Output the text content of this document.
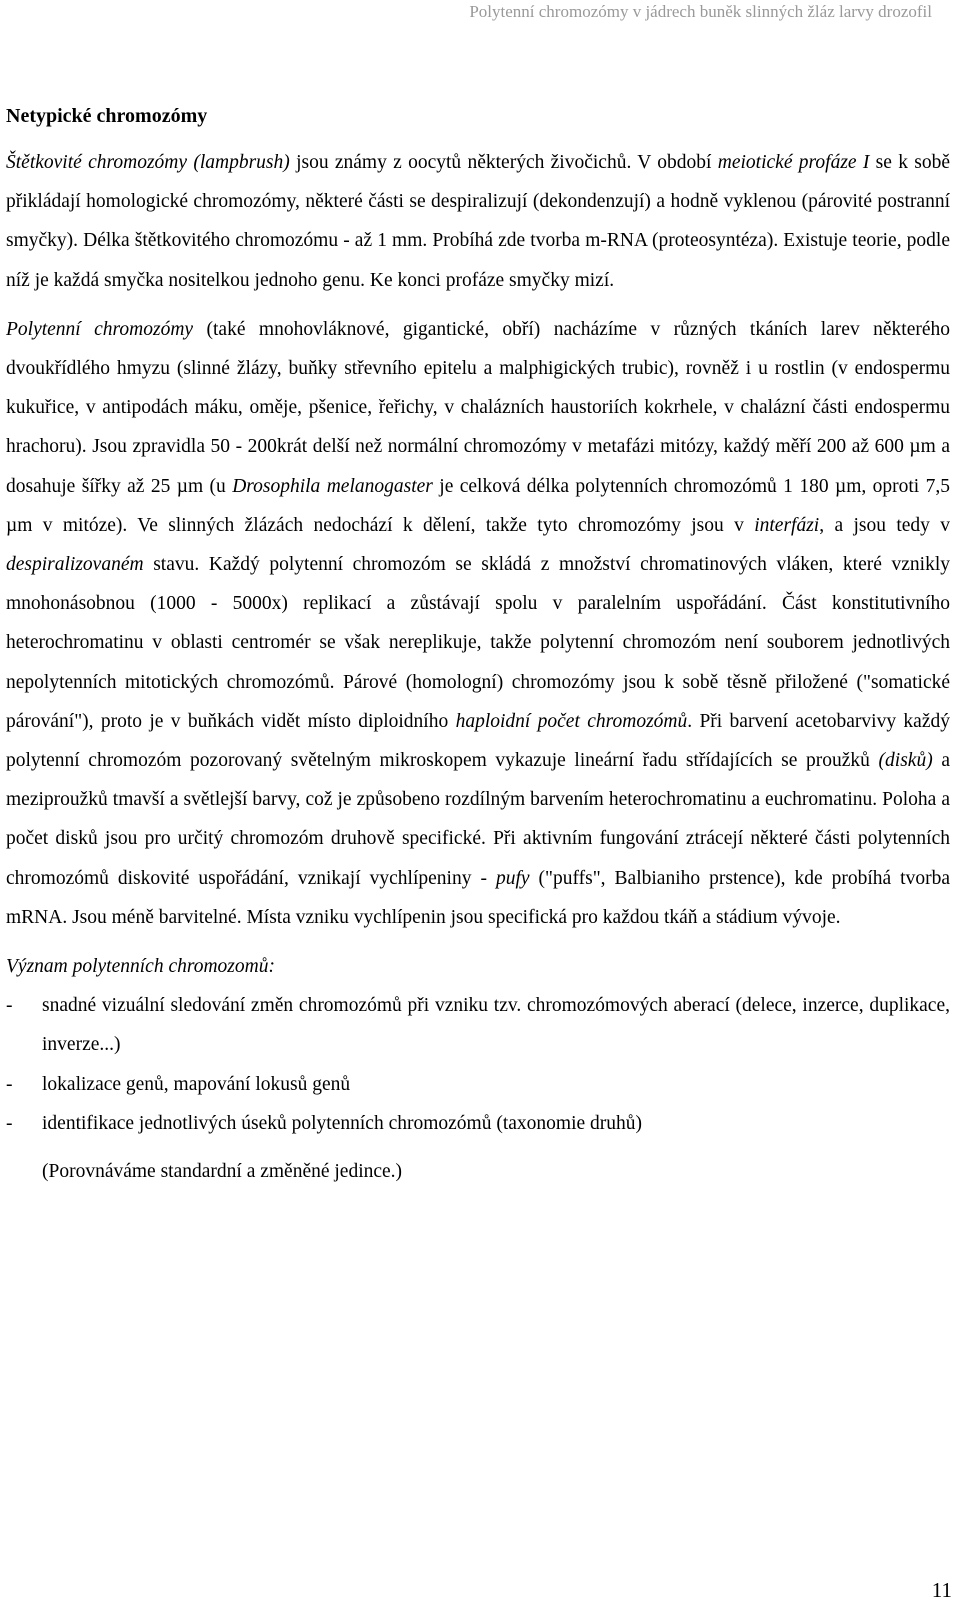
Polytenní chromozómy v jádrech buněk slinných žláz larvy drozofil
Netypické chromozómy

Štětkovité chromozómy (lampbrush) jsou známy z oocytů některých živočichů. V období meiotické profáze I se k sobě přikládají homologické chromozómy, některé části se despiralizují (dekondenzují) a hodně vyklenou (párovité postranní smyčky). Délka štětkovitého chromozómu - až 1 mm. Probíhá zde tvorba m-RNA (proteosyntéza). Existuje teorie, podle níž je každá smyčka nositelkou jednoho genu. Ke konci profáze smyčky mizí.

Polytenní chromozómy (také mnohovláknové, gigantické, obří) nacházíme v různých tkáních larev některého dvoukřídlého hmyzu (slinné žlázy, buňky střevního epitelu a malphigických trubic), rovněž i u rostlin (v endospermu kukuřice, v antipodách máku, oměje, pšenice, řeřichy, v chalázních haustoriích kokrhele, v chalázní části endospermu hrachoru). Jsou zpravidla 50 - 200krát delší než normální chromozómy v metafázi mitózy, každý měří 200 až 600 µm a dosahuje šířky až 25 µm (u Drosophila melanogaster je celková délka polytenních chromozómů 1 180 µm, oproti 7,5 µm v mitóze). Ve slinných žlázách nedochází k dělení, takže tyto chromozómy jsou v interfázi, a jsou tedy v despiralizovaném stavu. Každý polytenní chromozóm se skládá z množství chromatinových vláken, které vznikly mnohonásobnou (1000 - 5000x) replikací a zůstávají spolu v paralelním uspořádání. Část konstitutivního heterochromatinu v oblasti centromér se však nereplikuje, takže polytenní chromozóm není souborem jednotlivých nepolytenních mitotických chromozómů. Párové (homologní) chromozómy jsou k sobě těsně přiložené ("somatické párování"), proto je v buňkách vidět místo diploidního haploidní počet chromozómů. Při barvení acetobarvivy každý polytenní chromozóm pozorovaný světelným mikroskopem vykazuje lineární řadu střídajících se proužků (disků) a meziproužků tmavší a světlejší barvy, což je způsobeno rozdílným barvením heterochromatinu a euchromatinu. Poloha a počet disků jsou pro určitý chromozóm druhově specifické. Při aktivním fungování ztrácejí některé části polytenních chromozómů diskovité uspořádání, vznikají vychlípeniny - pufy ("puffs", Balbianiho prstence), kde probíhá tvorba mRNA. Jsou méně barvitelné. Místa vzniku vychlípenin jsou specifická pro každou tkáň a stádium vývoje.

Význam polytenních chromozomů:

- snadné vizuální sledování změn chromozómů při vzniku tzv. chromozómových aberací (delece, inzerce, duplikace, inverze...)
- lokalizace genů, mapování lokusů genů
- identifikace jednotlivých úseků polytenních chromozómů (taxonomie druhů)

(Porovnáváme standardní a změněné jedince.)

11
